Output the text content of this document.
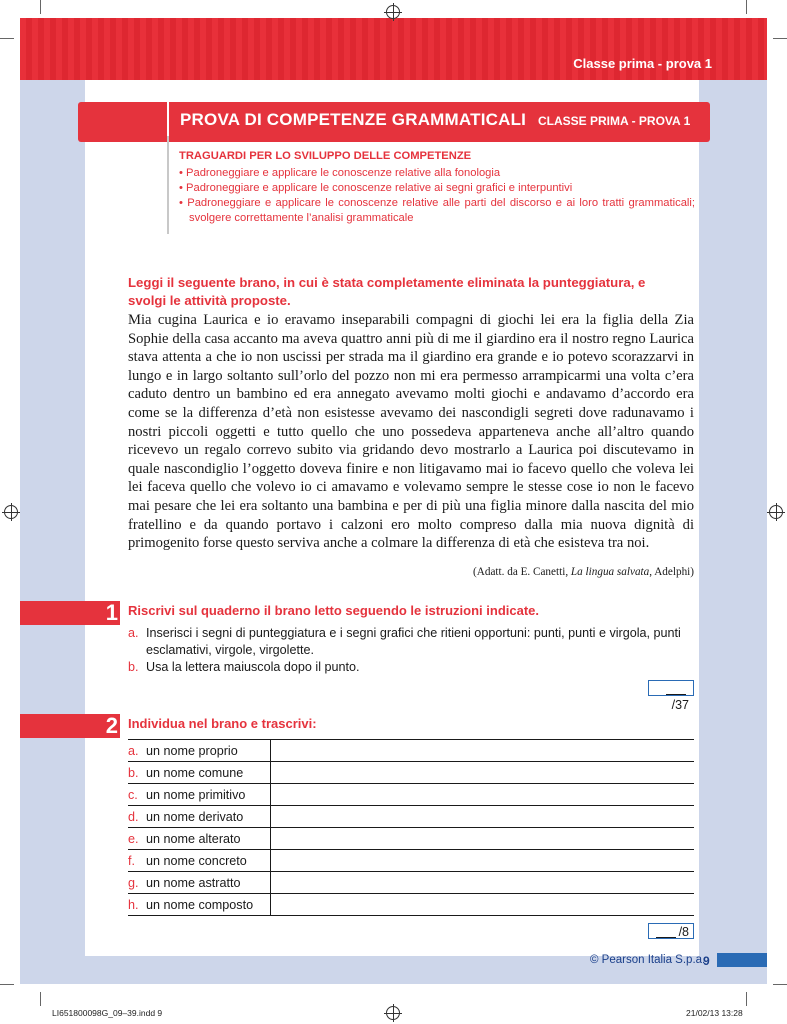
Classe prima - prova 1
PROVA DI COMPETENZE GRAMMATICALI CLASSE PRIMA - PROVA 1
TRAGUARDI PER LO SVILUPPO DELLE COMPETENZE
• Padroneggiare e applicare le conoscenze relative alla fonologia
• Padroneggiare e applicare le conoscenze relative ai segni grafici e interpuntivi
• Padroneggiare e applicare le conoscenze relative alle parti del discorso e ai loro tratti grammaticali; svolgere correttamente l’analisi grammaticale
Leggi il seguente brano, in cui è stata completamente eliminata la punteggiatura, e svolgi le attività proposte.
Mia cugina Laurica e io eravamo inseparabili compagni di giochi lei era la figlia della Zia Sophie della casa accanto ma aveva quattro anni più di me il giardino era il nostro regno Laurica stava attenta a che io non uscissi per strada ma il giardino era grande e io potevo scorazzarvi in lungo e in largo soltanto sull’orlo del pozzo non mi era permesso arrampicarmi una volta c’era caduto dentro un bambino ed era annegato avevamo molti giochi e andavamo d’accordo era come se la differenza d’età non esistesse avevamo dei nascondigli segreti dove radunavamo i nostri piccoli oggetti e tutto quello che uno possedeva apparteneva anche all’altro quando ricevevo un regalo correvo subito via gridando devo mostrarlo a Laurica poi discutevamo in quale nascondiglio l’oggetto doveva finire e non litigavamo mai io facevo quello che voleva lei lei faceva quello che volevo io ci amavamo e volevamo sempre le stesse cose io non le facevo mai pesare che lei era soltanto una bambina e per di più una figlia minore dalla nascita del mio fratellino e da quando portavo i calzoni ero molto compreso dalla mia nuova dignità di primogenito forse questo serviva anche a colmare la differenza di età che esisteva tra noi.
(Adatt. da E. Canetti, La lingua salvata, Adelphi)
1 Riscrivi sul quaderno il brano letto seguendo le istruzioni indicate.
a. Inserisci i segni di punteggiatura e i segni grafici che ritieni opportuni: punti, punti e virgola, punti esclamativi, virgole, virgolette.
b. Usa la lettera maiuscola dopo il punto.
/37
2 Individua nel brano e trascrivi:
a. un nome proprio	
b. un nome comune	
c. un nome primitivo	
d. un nome derivato	
e. un nome alterato	
f. un nome concreto	
g. un nome astratto	
h. un nome composto	
/8
© Pearson Italia S.p.a.
9
LI651800098G_09–39.indd 9	21/02/13 13:28
